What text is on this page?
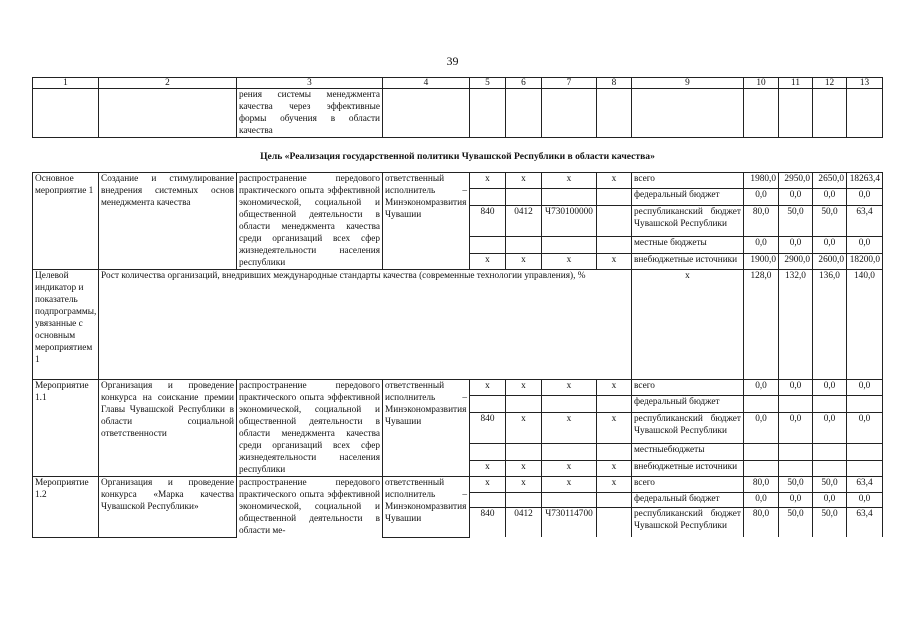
39
1	2	3	4	5	6	7	8	9	10	11	12	13
		рения системы менеджмента качества через эффективные формы обучения в области качества										
Цель «Реализация государственной политики Чувашской Республики в области качества»												
Основное мероприятие 1	Создание и стимулирование внедрения системных основ менеджмента качества	распространение передового практического опыта эффективной экономической, социальной и общественной деятельности в области менеджмента качества среди организаций всех сфер жизнедеятельности населения республики	ответственный исполнитель – Минэкономразвития Чувашии	x	x	x	x	всего	1980,0	2950,0	2650,0	18263,4
								федеральный бюджет	0,0	0,0	0,0	0,0
				840	0412	Ч730100000		республиканский бюджет Чувашской Республики	80,0	50,0	50,0	63,4
								местные бюджеты	0,0	0,0	0,0	0,0
				x	x	x	x	внебюджетные источники	1900,0	2900,0	2600,0	18200,0
Целевой индикатор и показатель подпрограммы, увязанные с основным мероприятием 1	Рост количества организаций, внедривших международные стандарты качества (современные технологии управления), %							x	128,0	132,0	136,0	140,0
Мероприятие 1.1	Организация и проведение конкурса на соискание премии Главы Чувашской Республики в области социальной ответственности	распространение передового практического опыта эффективной экономической, социальной и общественной деятельности в области менеджмента качества среди организаций всех сфер жизнедеятельности населения республики	ответственный исполнитель – Минэкономразвития Чувашии	x	x	x	x	всего	0,0	0,0	0,0	0,0
								федеральный бюджет				
				840	x	x	x	республиканский бюджет Чувашской Республики	0,0	0,0	0,0	0,0
								местныебюджеты				
				x	x	x	x	внебюджетные источники				
Мероприятие 1.2	Организация и проведение конкурса «Марка качества Чувашской Республики»	распространение передового практического опыта эффективной экономической, социальной и общественной деятельности в области ме-	ответственный исполнитель – Минэкономразвития Чувашии	x	x	x	x	всего	80,0	50,0	50,0	63,4
								федеральный бюджет	0,0	0,0	0,0	0,0
				840	0412	Ч730114700		республиканский бюджет Чувашской Республики	80,0	50,0	50,0	63,4
